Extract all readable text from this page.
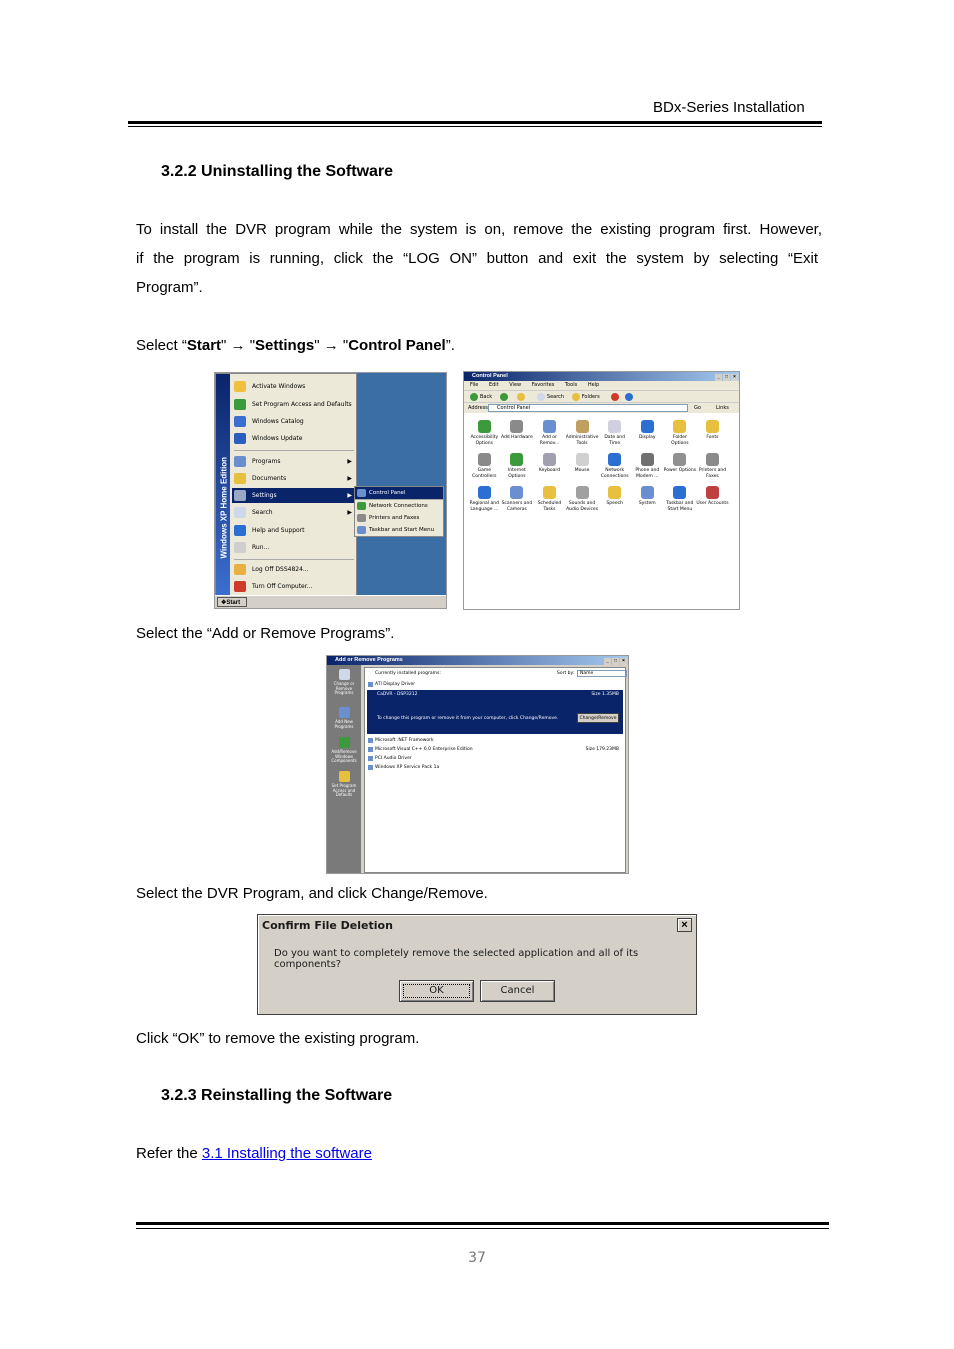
BDx-Series Installation
3.2.2 Uninstalling the Software
To install the DVR program while the system is on, remove the existing program first. However,
if the program is running, click the “LOG ON” button and exit the system by selecting “Exit
Program”.
Select “Start" → "Settings" → "Control Panel”.
Windows XP Home Edition
Activate Windows
Set Program Access and Defaults
Windows Catalog
Windows Update
Programs	▶
Documents	▶
Settings	▶
Search	▶
Help and Support
Run...
Log Off DSS4824...
Turn Off Computer...
Control Panel
Network Connections
Printers and Faxes
Taskbar and Start Menu
❖Start
Control Panel	_ □ ×
File Edit View Favorites Tools Help
Back	Search	Folders
Address	Control Panel	Go	Links
Accessibility Options
Add Hardware	Add or Remov...
Administrative Tools
Date and Time
Display	Folder Options
Fonts
Game Controllers
Internet Options
Keyboard	Mouse	Network Connections
Phone and Modem ...
Power Options Printers and Faxes
Regional and Language ...
Scanners and Cameras
Scheduled Tasks
Sounds and Audio Devices
Speech	System	Taskbar and Start Menu
User Accounts
Select the “Add or Remove Programs”.
Add or Remove Programs	_ □ ×
Change or Remove Programs
Add New Programs
Add/Remove Windows Components
Set Program Access and Defaults
Currently installed programs:	Sort by:	Name
ATI Display Driver
CaDVR - DSP3212	Size 1.35MB
To change this program or remove it from your computer, click Change/Remove.	Change/Remove
Microsoft .NET Framework
Microsoft Visual C++ 6.0 Enterprise Edition	Size 179.23MB
PCI Audio Driver
Windows XP Service Pack 1a
Select the DVR Program, and click Change/Remove.
Confirm File Deletion	×
Do you want to completely remove the selected application and all of its components?
OK	Cancel
Click “OK” to remove the existing program.
3.2.3 Reinstalling the Software
Refer the 3.1 Installing the software
37
